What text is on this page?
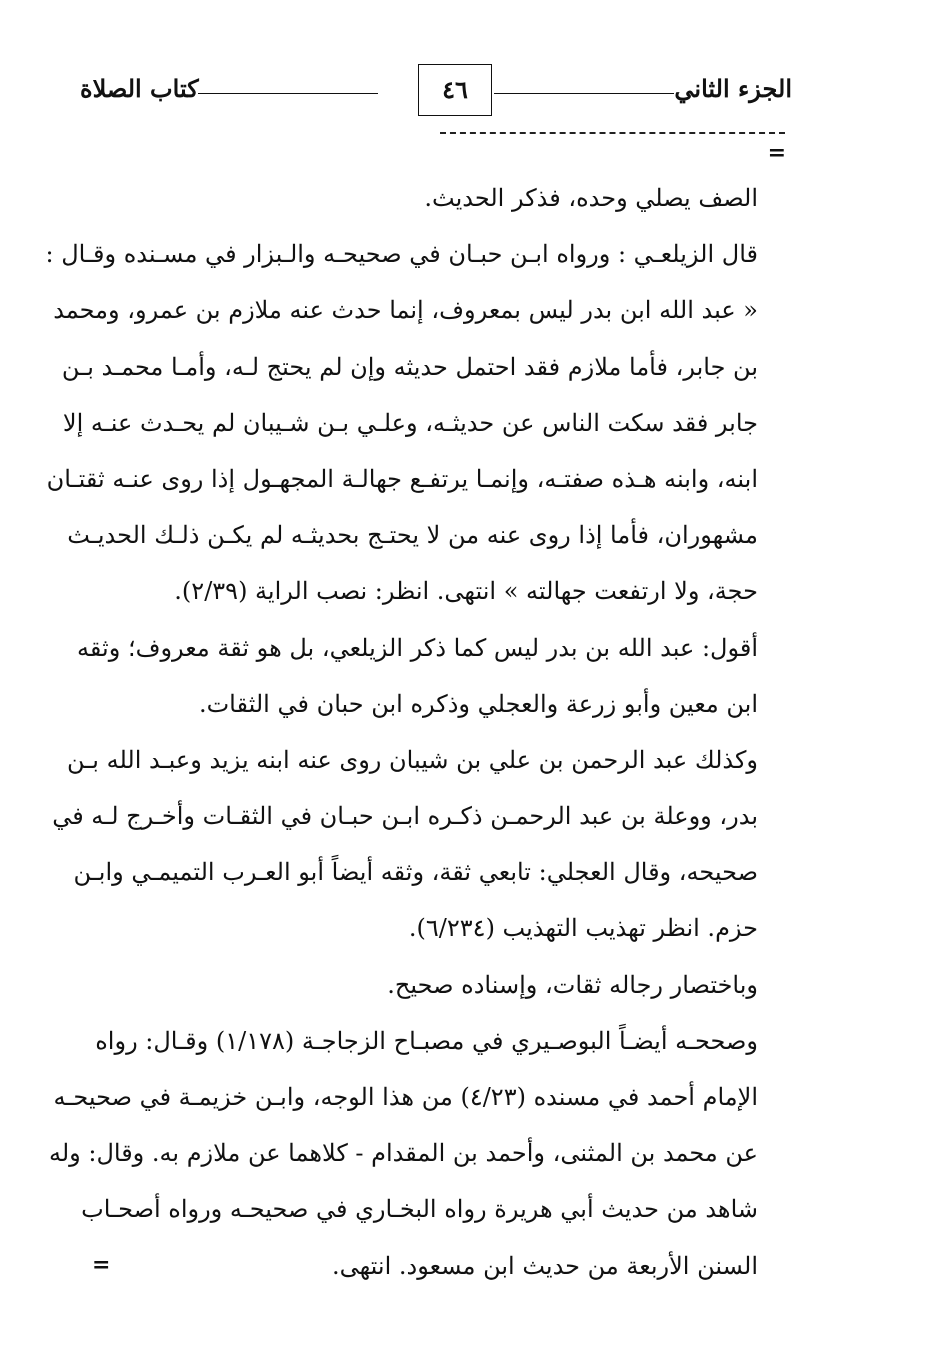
الجزء الثاني
٤٦
كتاب الصلاة
=
الصف يصلي وحده، فذكر الحديث.
قال الزيلعـي : ورواه ابـن حبـان في صحيحـه والـبزار في مسـنده وقـال :
« عبد الله ابن بدر ليس بمعروف، إنما حدث عنه ملازم بن عمرو، ومحمد
بن جابر، فأما ملازم فقد احتمل حديثه وإن لم يحتج لـه، وأمـا محمـد بـن
جابر فقد سكت الناس عن حديثـه، وعلـي بـن شـيبان لم يحـدث عنـه إلا
ابنه، وابنه هـذه صفتـه، وإنمـا يرتفـع جهالـة المجهـول إذا روى عنـه ثقتـان
مشهوران، فأما إذا روى عنه من لا يحتـج بحديثـه لم يكـن ذلـك الحديـث
حجة، ولا ارتفعت جهالته » انتهى. انظر: نصب الراية (٢/٣٩).
أقول: عبد الله بن بدر ليس كما ذكر الزيلعي، بل هو ثقة معروف؛ وثقه
ابن معين وأبو زرعة والعجلي وذكره ابن حبان في الثقات.
وكذلك عبد الرحمن بن علي بن شيبان روى عنه ابنه يزيد وعبـد الله بـن
بدر، ووعلة بن عبد الرحمـن ذكـره ابـن حبـان في الثقـات وأخـرج لـه في
صحيحه، وقال العجلي: تابعي ثقة، وثقه أيضاً أبو العـرب التميمـي وابـن
حزم. انظر تهذيب التهذيب (٦/٢٣٤).
وباختصار رجاله ثقات، وإسناده صحيح.
وصححـه أيضـاً البوصـيري في مصبـاح الزجاجـة (١/١٧٨) وقـال: رواه
الإمام أحمد في مسنده (٤/٢٣) من هذا الوجه، وابـن خزيمـة في صحيحـه
عن محمد بن المثنى، وأحمد بن المقدام - كلاهما عن ملازم به. وقال: وله
شاهد من حديث أبي هريرة رواه البخـاري في صحيحـه ورواه أصحـاب
السنن الأربعة من حديث ابن مسعود. انتهى.
=
